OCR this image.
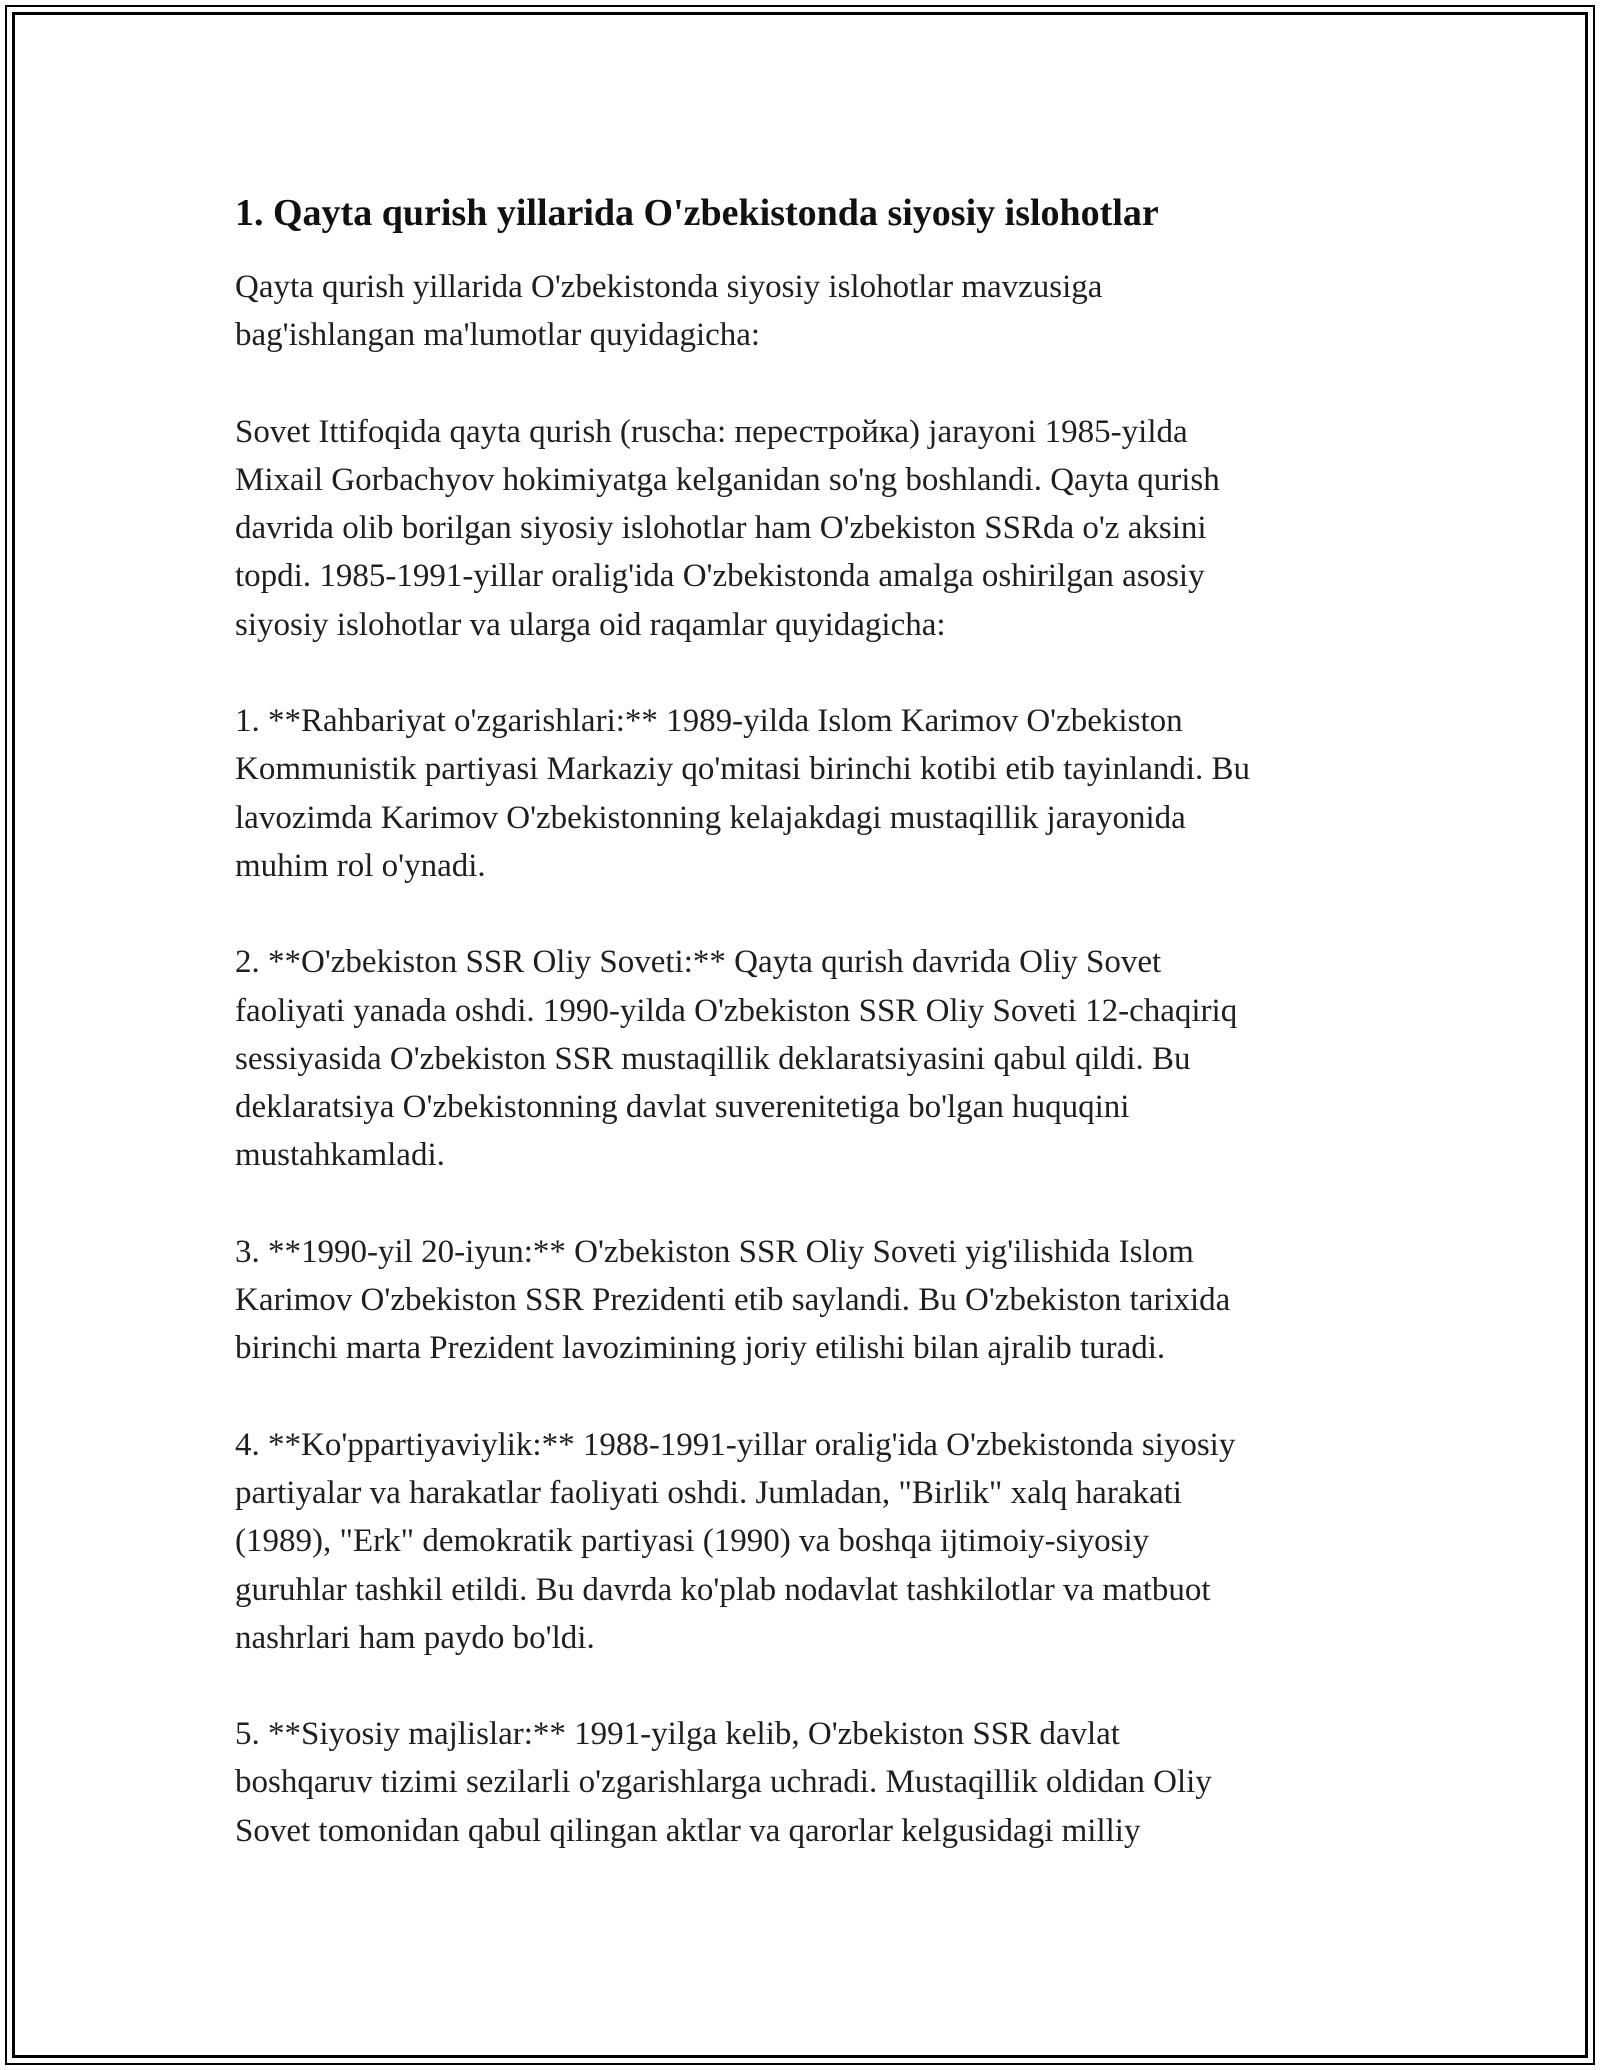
1. Qayta qurish yillarida O'zbekistonda siyosiy islohotlar

Qayta qurish yillarida O'zbekistonda siyosiy islohotlar mavzusiga
bag'ishlangan ma'lumotlar quyidagicha:

Sovet Ittifoqida qayta qurish (ruscha: перестройка) jarayoni 1985-yilda
Mixail Gorbachyov hokimiyatga kelganidan so'ng boshlandi. Qayta qurish
davrida olib borilgan siyosiy islohotlar ham O'zbekiston SSRda o'z aksini
topdi. 1985-1991-yillar oralig'ida O'zbekistonda amalga oshirilgan asosiy
siyosiy islohotlar va ularga oid raqamlar quyidagicha:

1. **Rahbariyat o'zgarishlari:** 1989-yilda Islom Karimov O'zbekiston
Kommunistik partiyasi Markaziy qo'mitasi birinchi kotibi etib tayinlandi. Bu
lavozimda Karimov O'zbekistonning kelajakdagi mustaqillik jarayonida
muhim rol o'ynadi.

2. **O'zbekiston SSR Oliy Soveti:** Qayta qurish davrida Oliy Sovet
faoliyati yanada oshdi. 1990-yilda O'zbekiston SSR Oliy Soveti 12-chaqiriq
sessiyasida O'zbekiston SSR mustaqillik deklaratsiyasini qabul qildi. Bu
deklaratsiya O'zbekistonning davlat suverenitetiga bo'lgan huquqini
mustahkamladi.

3. **1990-yil 20-iyun:** O'zbekiston SSR Oliy Soveti yig'ilishida Islom
Karimov O'zbekiston SSR Prezidenti etib saylandi. Bu O'zbekiston tarixida
birinchi marta Prezident lavozimining joriy etilishi bilan ajralib turadi.

4. **Ko'ppartiyaviylik:** 1988-1991-yillar oralig'ida O'zbekistonda siyosiy
partiyalar va harakatlar faoliyati oshdi. Jumladan, "Birlik" xalq harakati
(1989), "Erk" demokratik partiyasi (1990) va boshqa ijtimoiy-siyosiy
guruhlar tashkil etildi. Bu davrda ko'plab nodavlat tashkilotlar va matbuot
nashrlari ham paydo bo'ldi.

5. **Siyosiy majlislar:** 1991-yilga kelib, O'zbekiston SSR davlat
boshqaruv tizimi sezilarli o'zgarishlarga uchradi. Mustaqillik oldidan Oliy
Sovet tomonidan qabul qilingan aktlar va qarorlar kelgusidagi milliy
